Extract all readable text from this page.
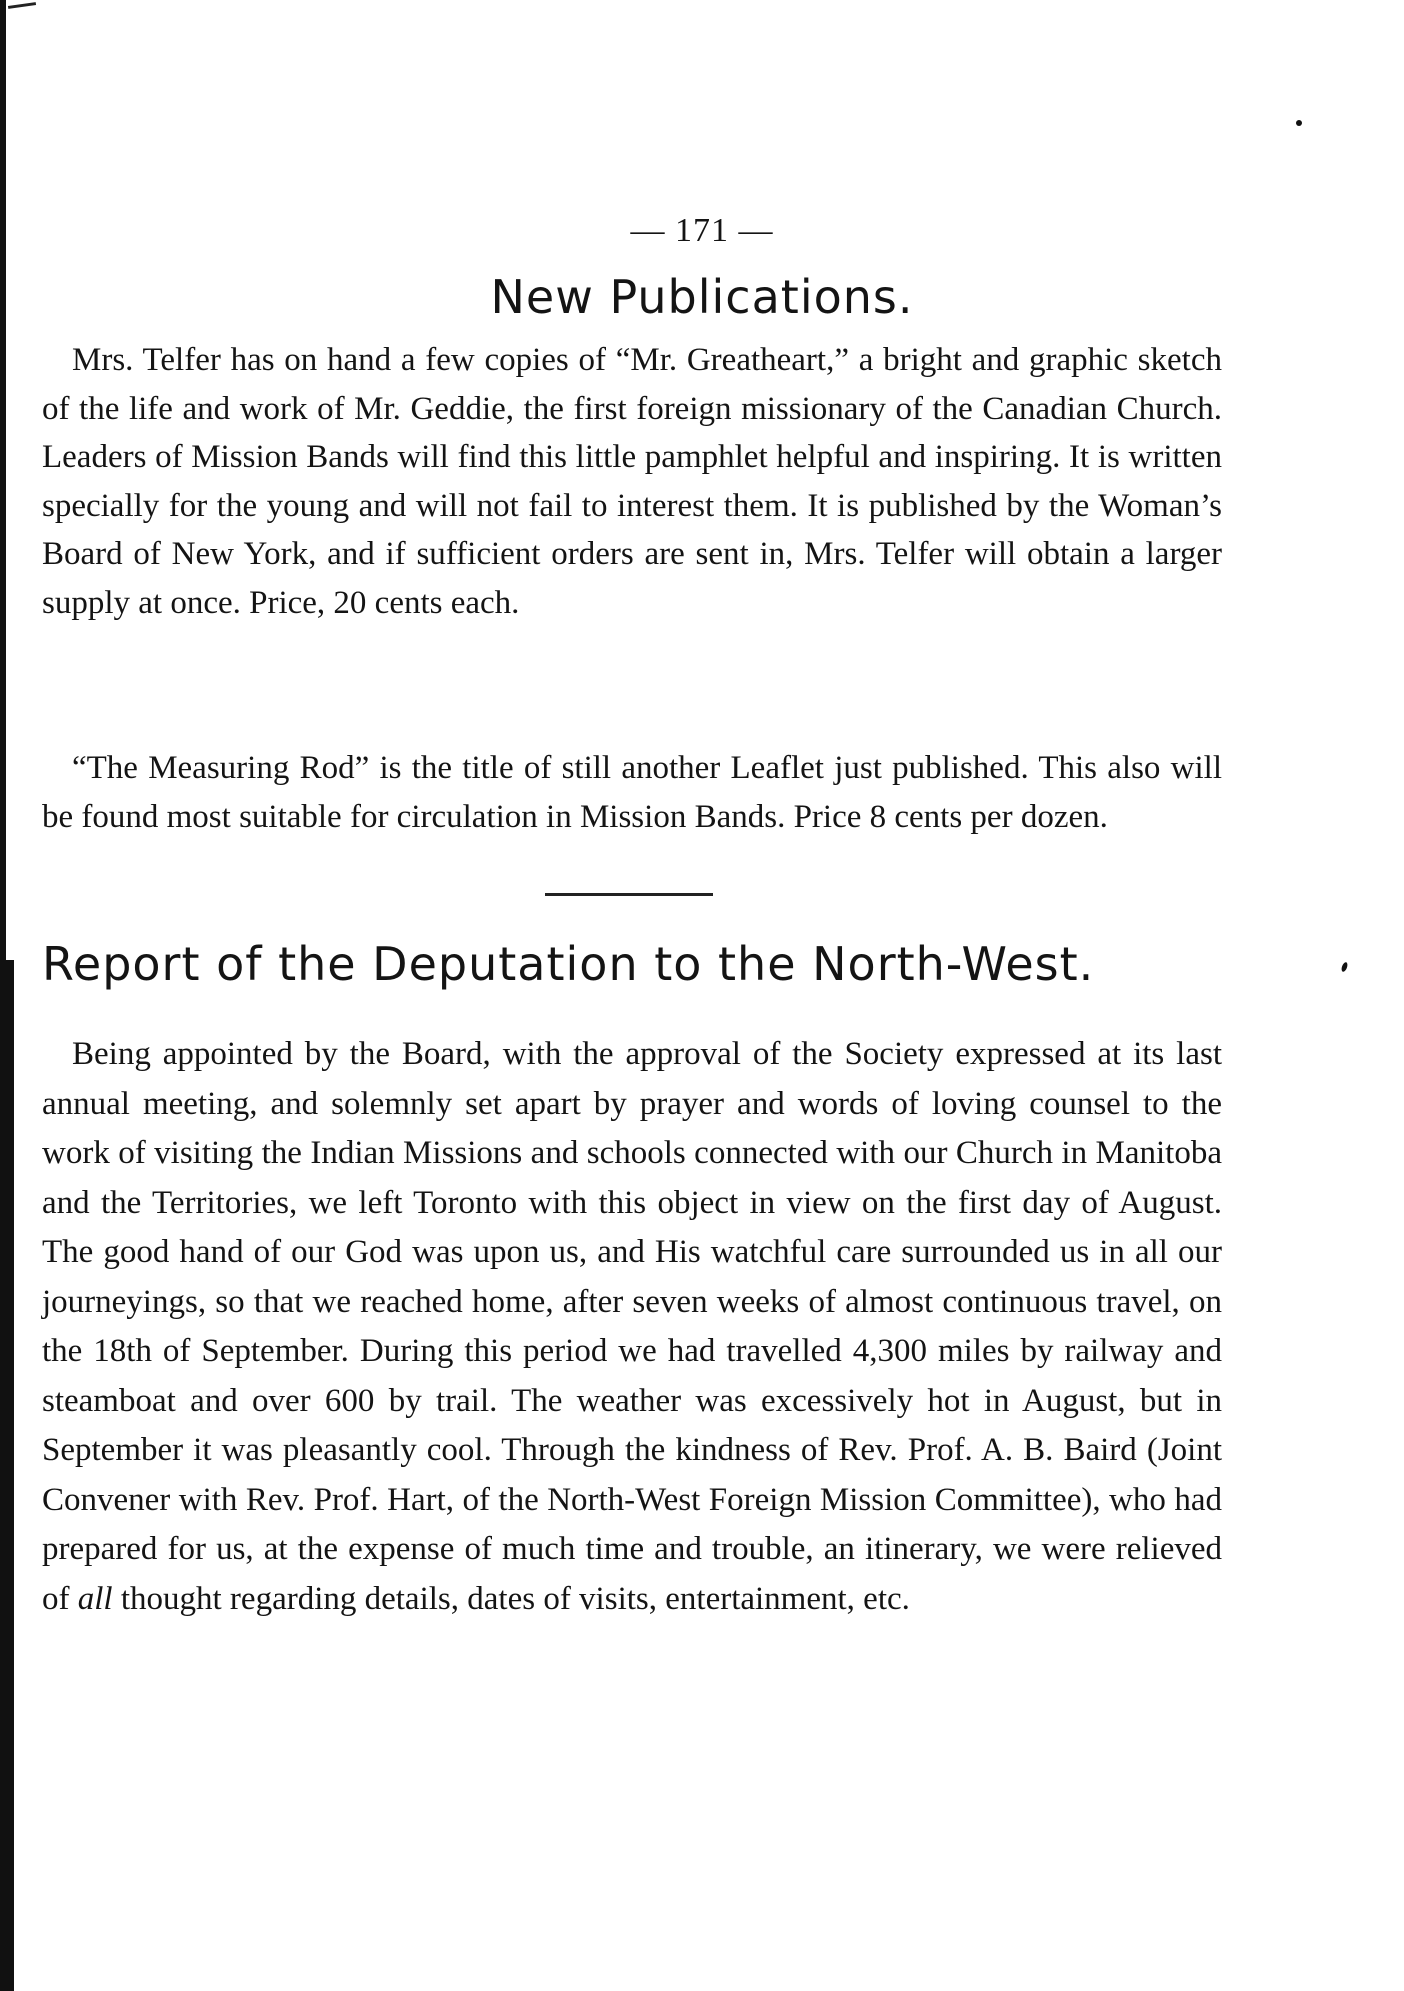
— 171 —
New Publications.

Mrs. Telfer has on hand a few copies of “Mr. Greatheart,” a bright and graphic sketch of the life and work of Mr. Geddie, the first foreign missionary of the Canadian Church. Leaders of Mission Bands will find this little pamphlet helpful and inspiring. It is written specially for the young and will not fail to interest them. It is published by the Woman’s Board of New York, and if sufficient orders are sent in, Mrs. Telfer will obtain a larger supply at once. Price, 20 cents each.

“The Measuring Rod” is the title of still another Leaflet just published. This also will be found most suitable for circulation in Mission Bands. Price 8 cents per dozen.

Report of the Deputation to the North-West.

Being appointed by the Board, with the approval of the Society expressed at its last annual meeting, and solemnly set apart by prayer and words of loving counsel to the work of visiting the Indian Missions and schools connected with our Church in Manitoba and the Territories, we left Toronto with this object in view on the first day of August. The good hand of our God was upon us, and His watchful care surrounded us in all our journeyings, so that we reached home, after seven weeks of almost continuous travel, on the 18th of September. During this period we had travelled 4,300 miles by railway and steamboat and over 600 by trail. The weather was excessively hot in August, but in September it was pleasantly cool. Through the kindness of Rev. Prof. A. B. Baird (Joint Convener with Rev. Prof. Hart, of the North-West Foreign Mission Committee), who had prepared for us, at the expense of much time and trouble, an itinerary, we were relieved of all thought regarding details, dates of visits, entertainment, etc.
